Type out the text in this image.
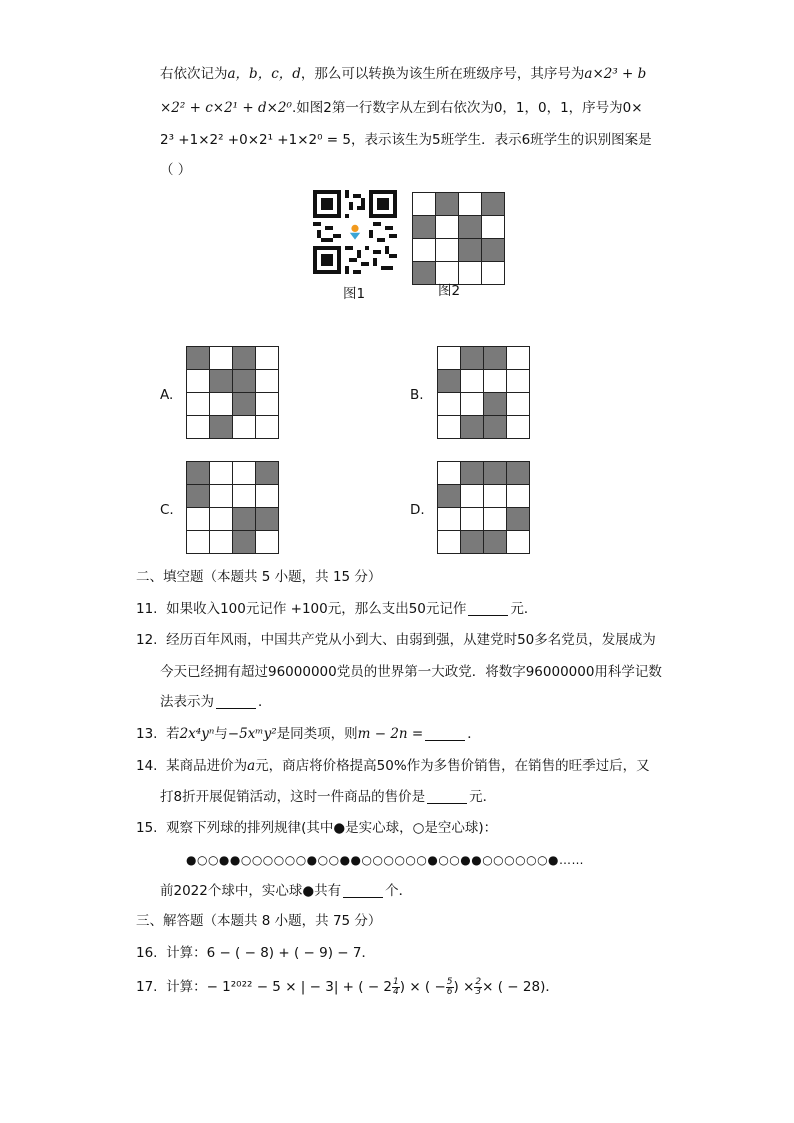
右依次记为a，b，c，d，那么可以转换为该生所在班级序号，其序号为a×2³ + b
×2² + c×2¹ + d×2⁰.如图2第一行数字从左到右依次为0，1，0，1，序号为0×
2³ +1×2² +0×2¹ +1×2⁰ = 5，表示该生为5班学生．表示6班学生的识别图案是
（ ）
图1

				图2
A.

				B.

C.

				D.

二、填空题（本题共 5 小题，共 15 分）
11. 如果收入100元记作 +100元，那么支出50元记作	元．
12. 经历百年风雨，中国共产党从小到大、由弱到强，从建党时50多名党员，发展成为
今天已经拥有超过96000000党员的世界第一大政党．将数字96000000用科学记数
法表示为	．
13. 若2x⁴yⁿ与−5xᵐy²是同类项，则m − 2n =	．
14. 某商品进价为a元，商店将价格提高50%作为多售价销售，在销售的旺季过后，又
打8折开展促销活动，这时一件商品的售价是	元．
15. 观察下列球的排列规律(其中●是实心球，○是空心球)：
●○○●●○○○○○○●○○●●○○○○○○●○○●●○○○○○○●……
前2022个球中，实心球●共有	个．
三、解答题（本题共 8 小题，共 75 分）
16. 计算：6 − ( − 8) + ( − 9) − 7．
17. 计算：− 1²⁰²² − 5 × | − 3| + ( − $2 \frac{1}{4}$ ) × ( − $\frac{5}{6}$ ) × $\frac{2}{3}$ × ( − 28)．
